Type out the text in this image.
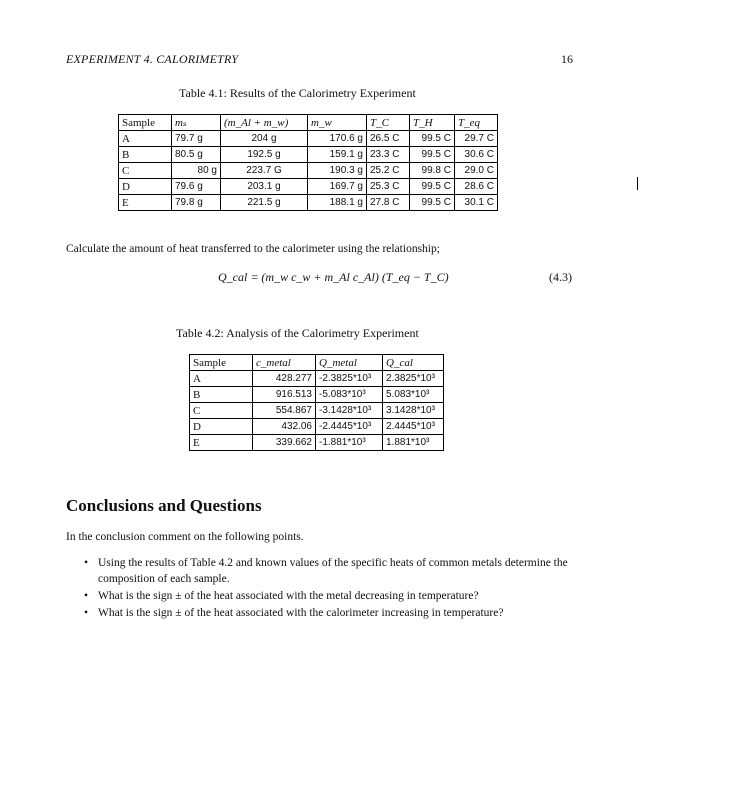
EXPERIMENT 4. CALORIMETRY	16
Table 4.1: Results of the Calorimetry Experiment
Sample	mₛ	(m_Al + m_w)	m_w	T_C	T_H	T_eq
A	79.7 g	204 g	170.6 g	26.5 C	99.5 C	29.7 C
B	80.5 g	192.5 g	159.1 g	23.3 C	99.5 C	30.6 C
C	80 g	223.7 G	190.3 g	25.2 C	99.8 C	29.0 C
D	79.6 g	203.1 g	169.7 g	25.3 C	99.5 C	28.6 C
E	79.8 g	221.5 g	188.1 g	27.8 C	99.5 C	30.1 C
Calculate the amount of heat transferred to the calorimeter using the relationship;
Q_cal = (m_w c_w + m_Al c_Al) (T_eq − T_C)	(4.3)
Table 4.2: Analysis of the Calorimetry Experiment
Sample	c_metal	Q_metal	Q_cal
A	428.277	-2.3825*10³	2.3825*10³
B	916.513	-5.083*10³	5.083*10³
C	554.867	-3.1428*10³	3.1428*10³
D	432.06	-2.4445*10³	2.4445*10³
E	339.662	-1.881*10³	1.881*10³
Conclusions and Questions
In the conclusion comment on the following points.
• Using the results of Table 4.2 and known values of the specific heats of common metals determine the composition of each sample.
• What is the sign ± of the heat associated with the metal decreasing in temperature?
• What is the sign ± of the heat associated with the calorimeter increasing in temperature?
